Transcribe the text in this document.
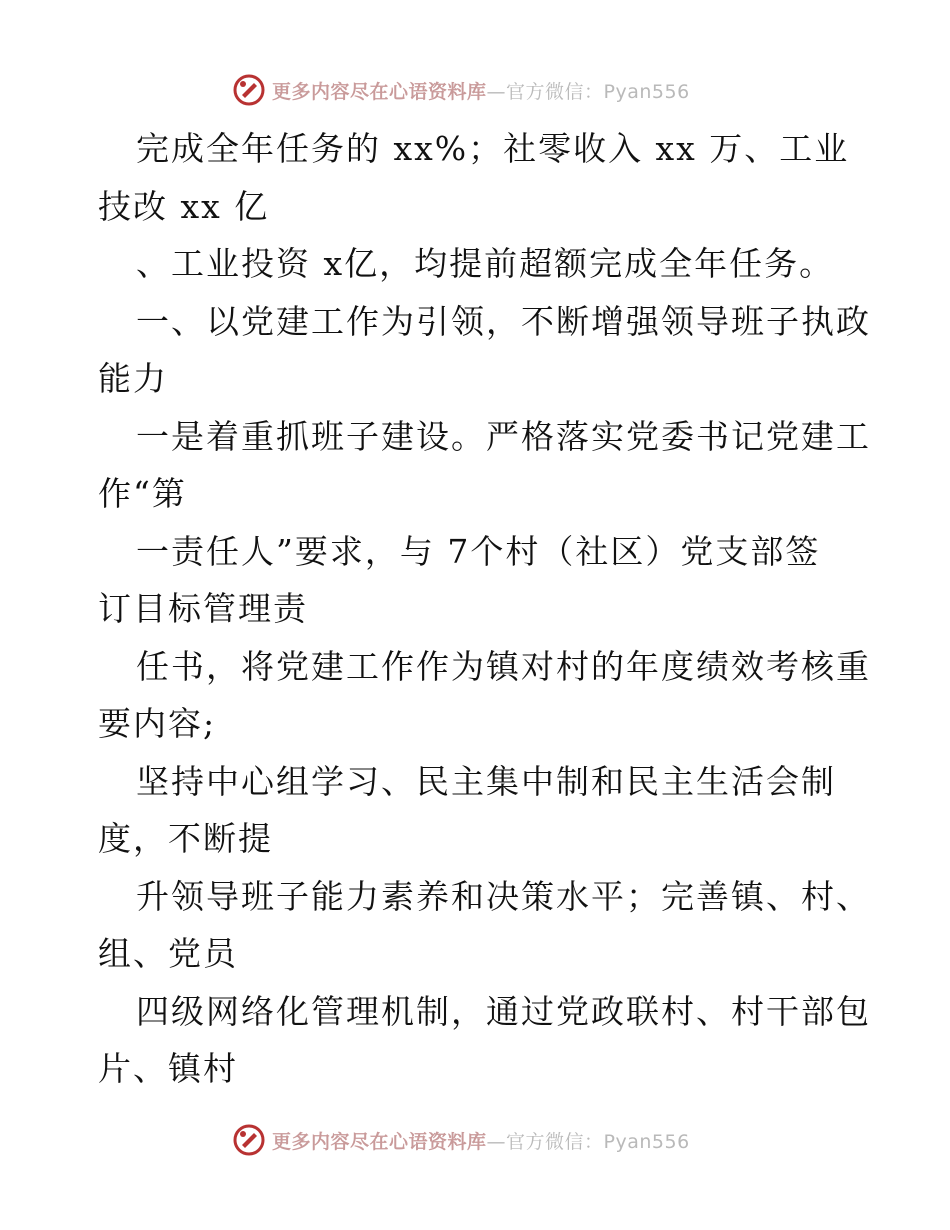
更多内容尽在心语资料库—官方微信：Pyan556
完成全年任务的 xx%；社零收入 xx 万、工业
技改 xx 亿
、工业投资 x亿，均提前超额完成全年任务。
一、以党建工作为引领，不断增强领导班子执政
能力
一是着重抓班子建设。严格落实党委书记党建工
作“第
一责任人”要求，与 7个村（社区）党支部签
订目标管理责
任书，将党建工作作为镇对村的年度绩效考核重
要内容;
坚持中心组学习、民主集中制和民主生活会制
度，不断提
升领导班子能力素养和决策水平；完善镇、村、
组、党员
四级网络化管理机制，通过党政联村、村干部包
片、镇村
更多内容尽在心语资料库—官方微信：Pyan556
